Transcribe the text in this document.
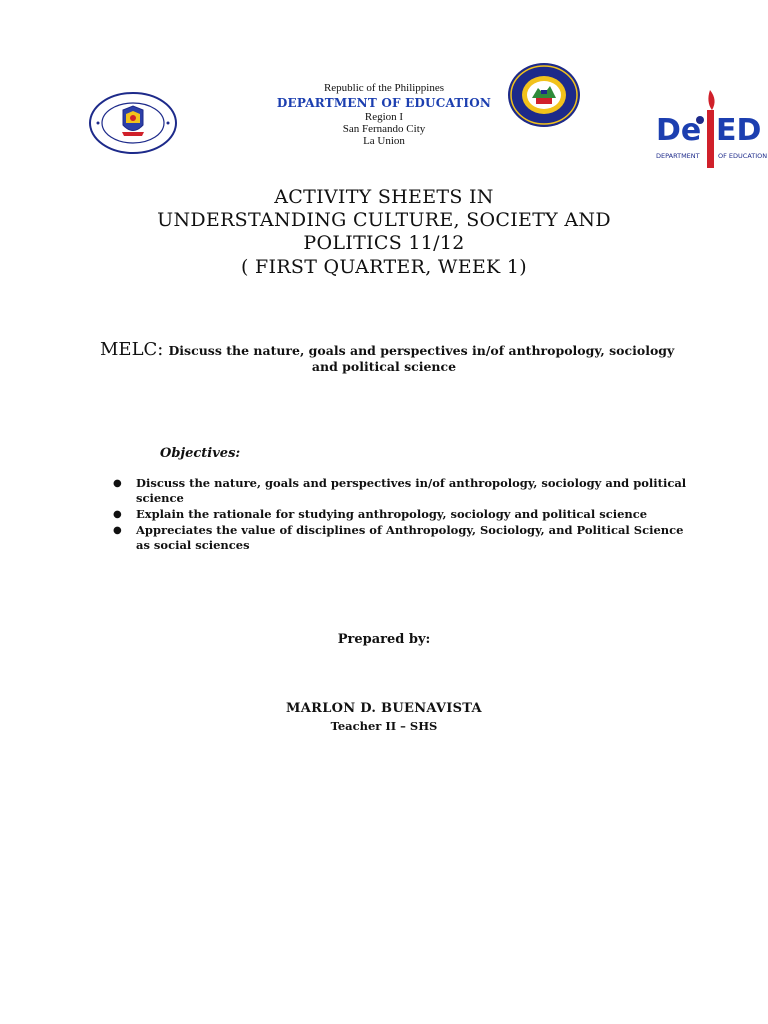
Republic of the Philippines
DEPARTMENT OF EDUCATION
Region I
San Fernando City
La Union	De ED
DEPARTMENT	OF EDUCATION
ACTIVITY SHEETS IN
UNDERSTANDING CULTURE, SOCIETY AND
POLITICS 11/12
( FIRST QUARTER, WEEK 1)
MELC: Discuss the nature, goals and perspectives in/of anthropology, sociology
and political science
Objectives:
● Discuss the nature, goals and perspectives in/of anthropology, sociology and political science
● Explain the rationale for studying anthropology, sociology and political science
● Appreciates the value of disciplines of Anthropology, Sociology, and Political Science as social sciences
Prepared by:
MARLON D. BUENAVISTA
Teacher II – SHS
